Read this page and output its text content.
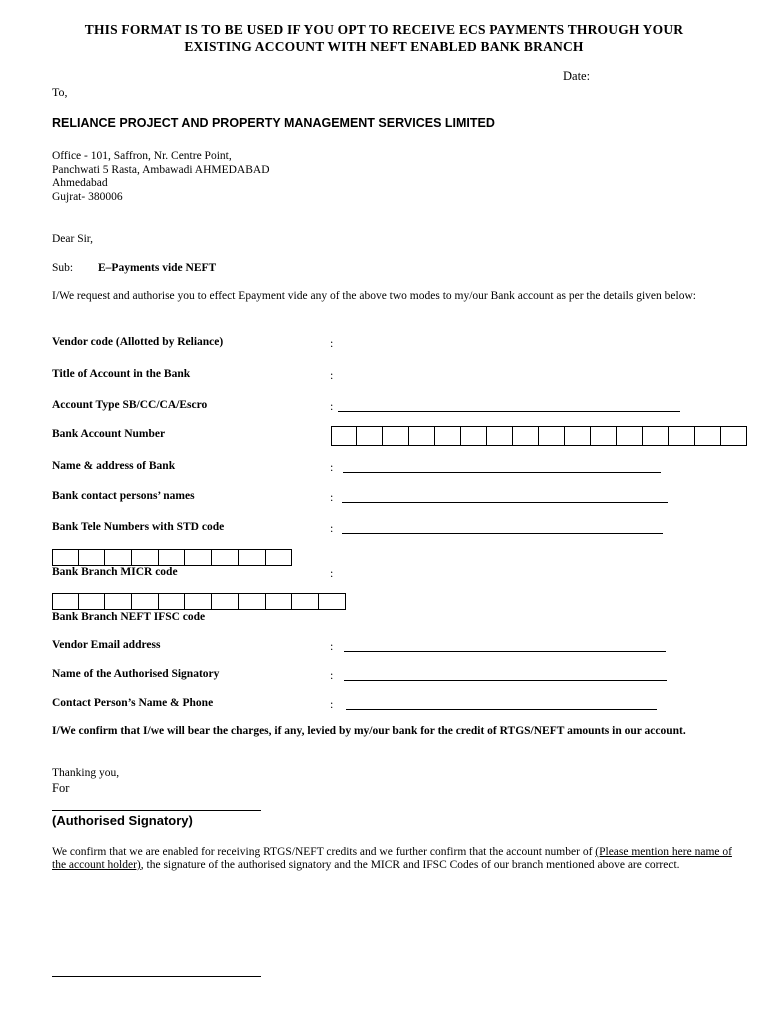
THIS FORMAT IS TO BE USED IF YOU OPT TO RECEIVE ECS PAYMENTS THROUGH YOUR
EXISTING ACCOUNT WITH NEFT ENABLED BANK BRANCH
Date:
To,
RELIANCE PROJECT AND PROPERTY MANAGEMENT SERVICES LIMITED
Office - 101, Saffron, Nr. Centre Point,
Panchwati 5 Rasta, Ambawadi AHMEDABAD
Ahmedabad
Gujrat- 380006
Dear Sir,
Sub: E–Payments vide NEFT
I/We request and authorise you to effect Epayment vide any of the above two modes to my/our Bank account as per the details given below:
Vendor code (Allotted by Reliance)	:
Title of Account in the Bank	:
Account Type SB/CC/CA/Escro	:
Bank Account Number
Name & address of Bank	:
Bank contact persons’ names	:
Bank Tele Numbers with STD code	:
Bank Branch MICR code	:
Bank Branch NEFT IFSC code
Vendor Email address	:
Name of the Authorised Signatory	:
Contact Person’s Name & Phone	:
I/We confirm that I/we will bear the charges, if any, levied by my/our bank for the credit of RTGS/NEFT amounts in our account.
Thanking you,
For
(Authorised Signatory)
We confirm that we are enabled for receiving RTGS/NEFT credits and we further confirm that the account number of (Please mention here name of the account holder), the signature of the authorised signatory and the MICR and IFSC Codes of our branch mentioned above are correct.
